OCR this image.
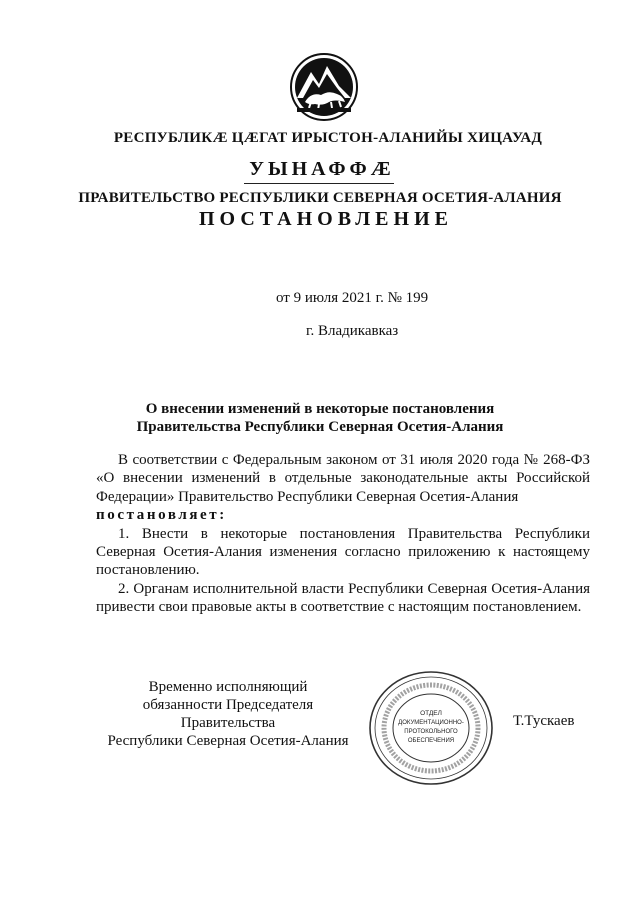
РЕСПУБЛИКӔ ЦӔГАТ ИРЫСТОН-АЛАНИЙЫ ХИЦАУАД
УЫНАФФӔ
ПРАВИТЕЛЬСТВО РЕСПУБЛИКИ СЕВЕРНАЯ ОСЕТИЯ-АЛАНИЯ
ПОСТАНОВЛЕНИЕ
от 9 июля 2021 г. № 199
г. Владикавказ
О внесении изменений в некоторые постановления
Правительства Республики Северная Осетия-Алания

В соответствии с Федеральным законом от 31 июля 2020 года № 268-ФЗ «О внесении изменений в отдельные законодательные акты Российской Федерации» Правительство Республики Северная Осетия-Алания
постановляет:

1. Внести в некоторые постановления Правительства Республики Северная Осетия-Алания изменения согласно приложению к настоящему постановлению.

2. Органам исполнительной власти Республики Северная Осетия-Алания привести свои правовые акты в соответствие с настоящим постановлением.

Временно исполняющий
обязанности Председателя Правительства
Республики Северная Осетия-Алания
Т.Тускаев
ОТДЕЛ
ДОКУМЕНТАЦИОННО-
ПРОТОКОЛЬНОГО
ОБЕСПЕЧЕНИЯ
